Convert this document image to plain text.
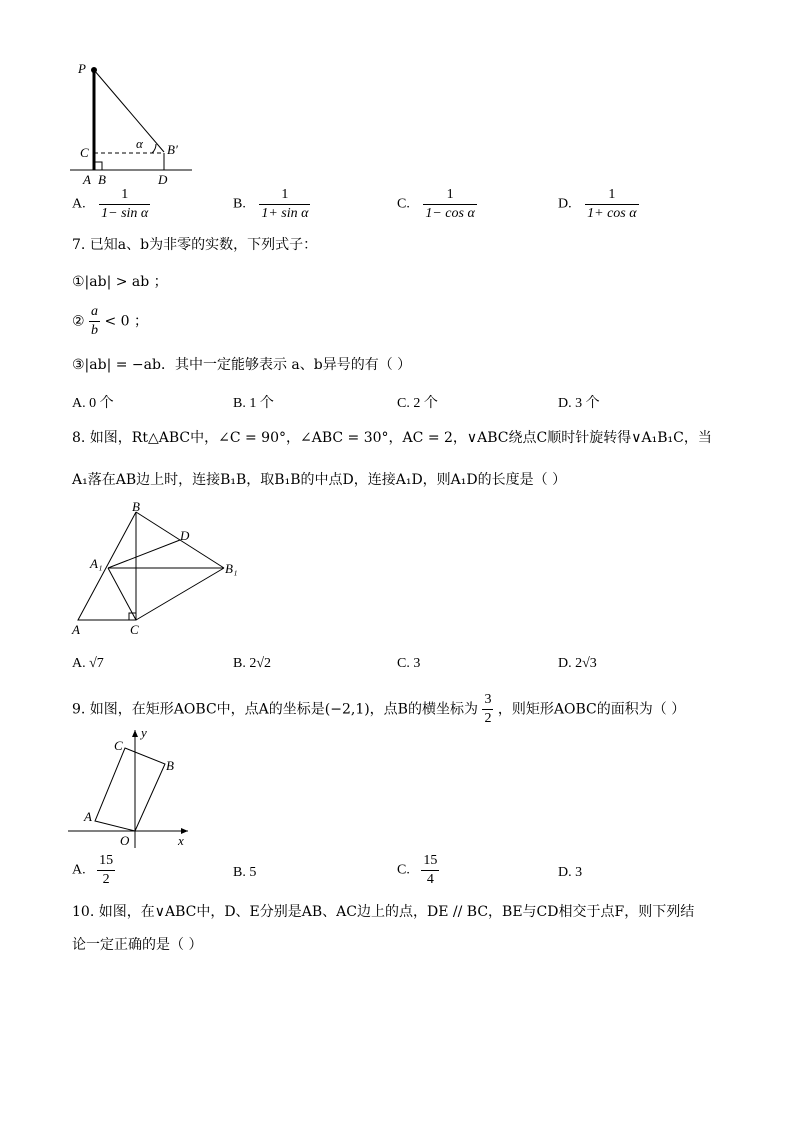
P
C
A B	D
B′
α
A. $\frac{1}{\text{1− sin α}}$	B. $\frac{1}{\text{1+ sin α}}$	C. $\frac{1}{\text{1− cos α}}$	D. $\frac{1}{\text{1+ cos α}}$
7. 已知a、b为非零的实数，下列式子：
①|ab| > ab ；
② $\frac{a}{b} < 0$ ；
③|ab| = −ab．其中一定能够表示 a、b异号的有（ ）
A. 0 个	B. 1 个	C. 2 个	D. 3 个
8. 如图，Rt△ABC中，∠C = 90°，∠ABC = 30°，AC = 2，∨ABC绕点C顺时针旋转得∨A₁B₁C，当
A₁落在AB边上时，连接B₁B，取B₁B的中点D，连接A₁D，则A₁D的长度是（ ）
B
D
A₁	B₁
A	C
A. √7	B. 2√2	C. 3	D. 2√3
9. 如图，在矩形AOBC中，点A的坐标是(−2,1)，点B的横坐标为 $\frac{3}{2}$ ，则矩形AOBC的面积为（ ）
C
y
B
A
O	x
A. $\frac{15}{2}$	B. 5	C. $\frac{15}{4}$	D. 3
10. 如图，在∨ABC中，D、E分别是AB、AC边上的点，DE // BC，BE与CD相交于点F，则下列结
论一定正确的是（ ）
